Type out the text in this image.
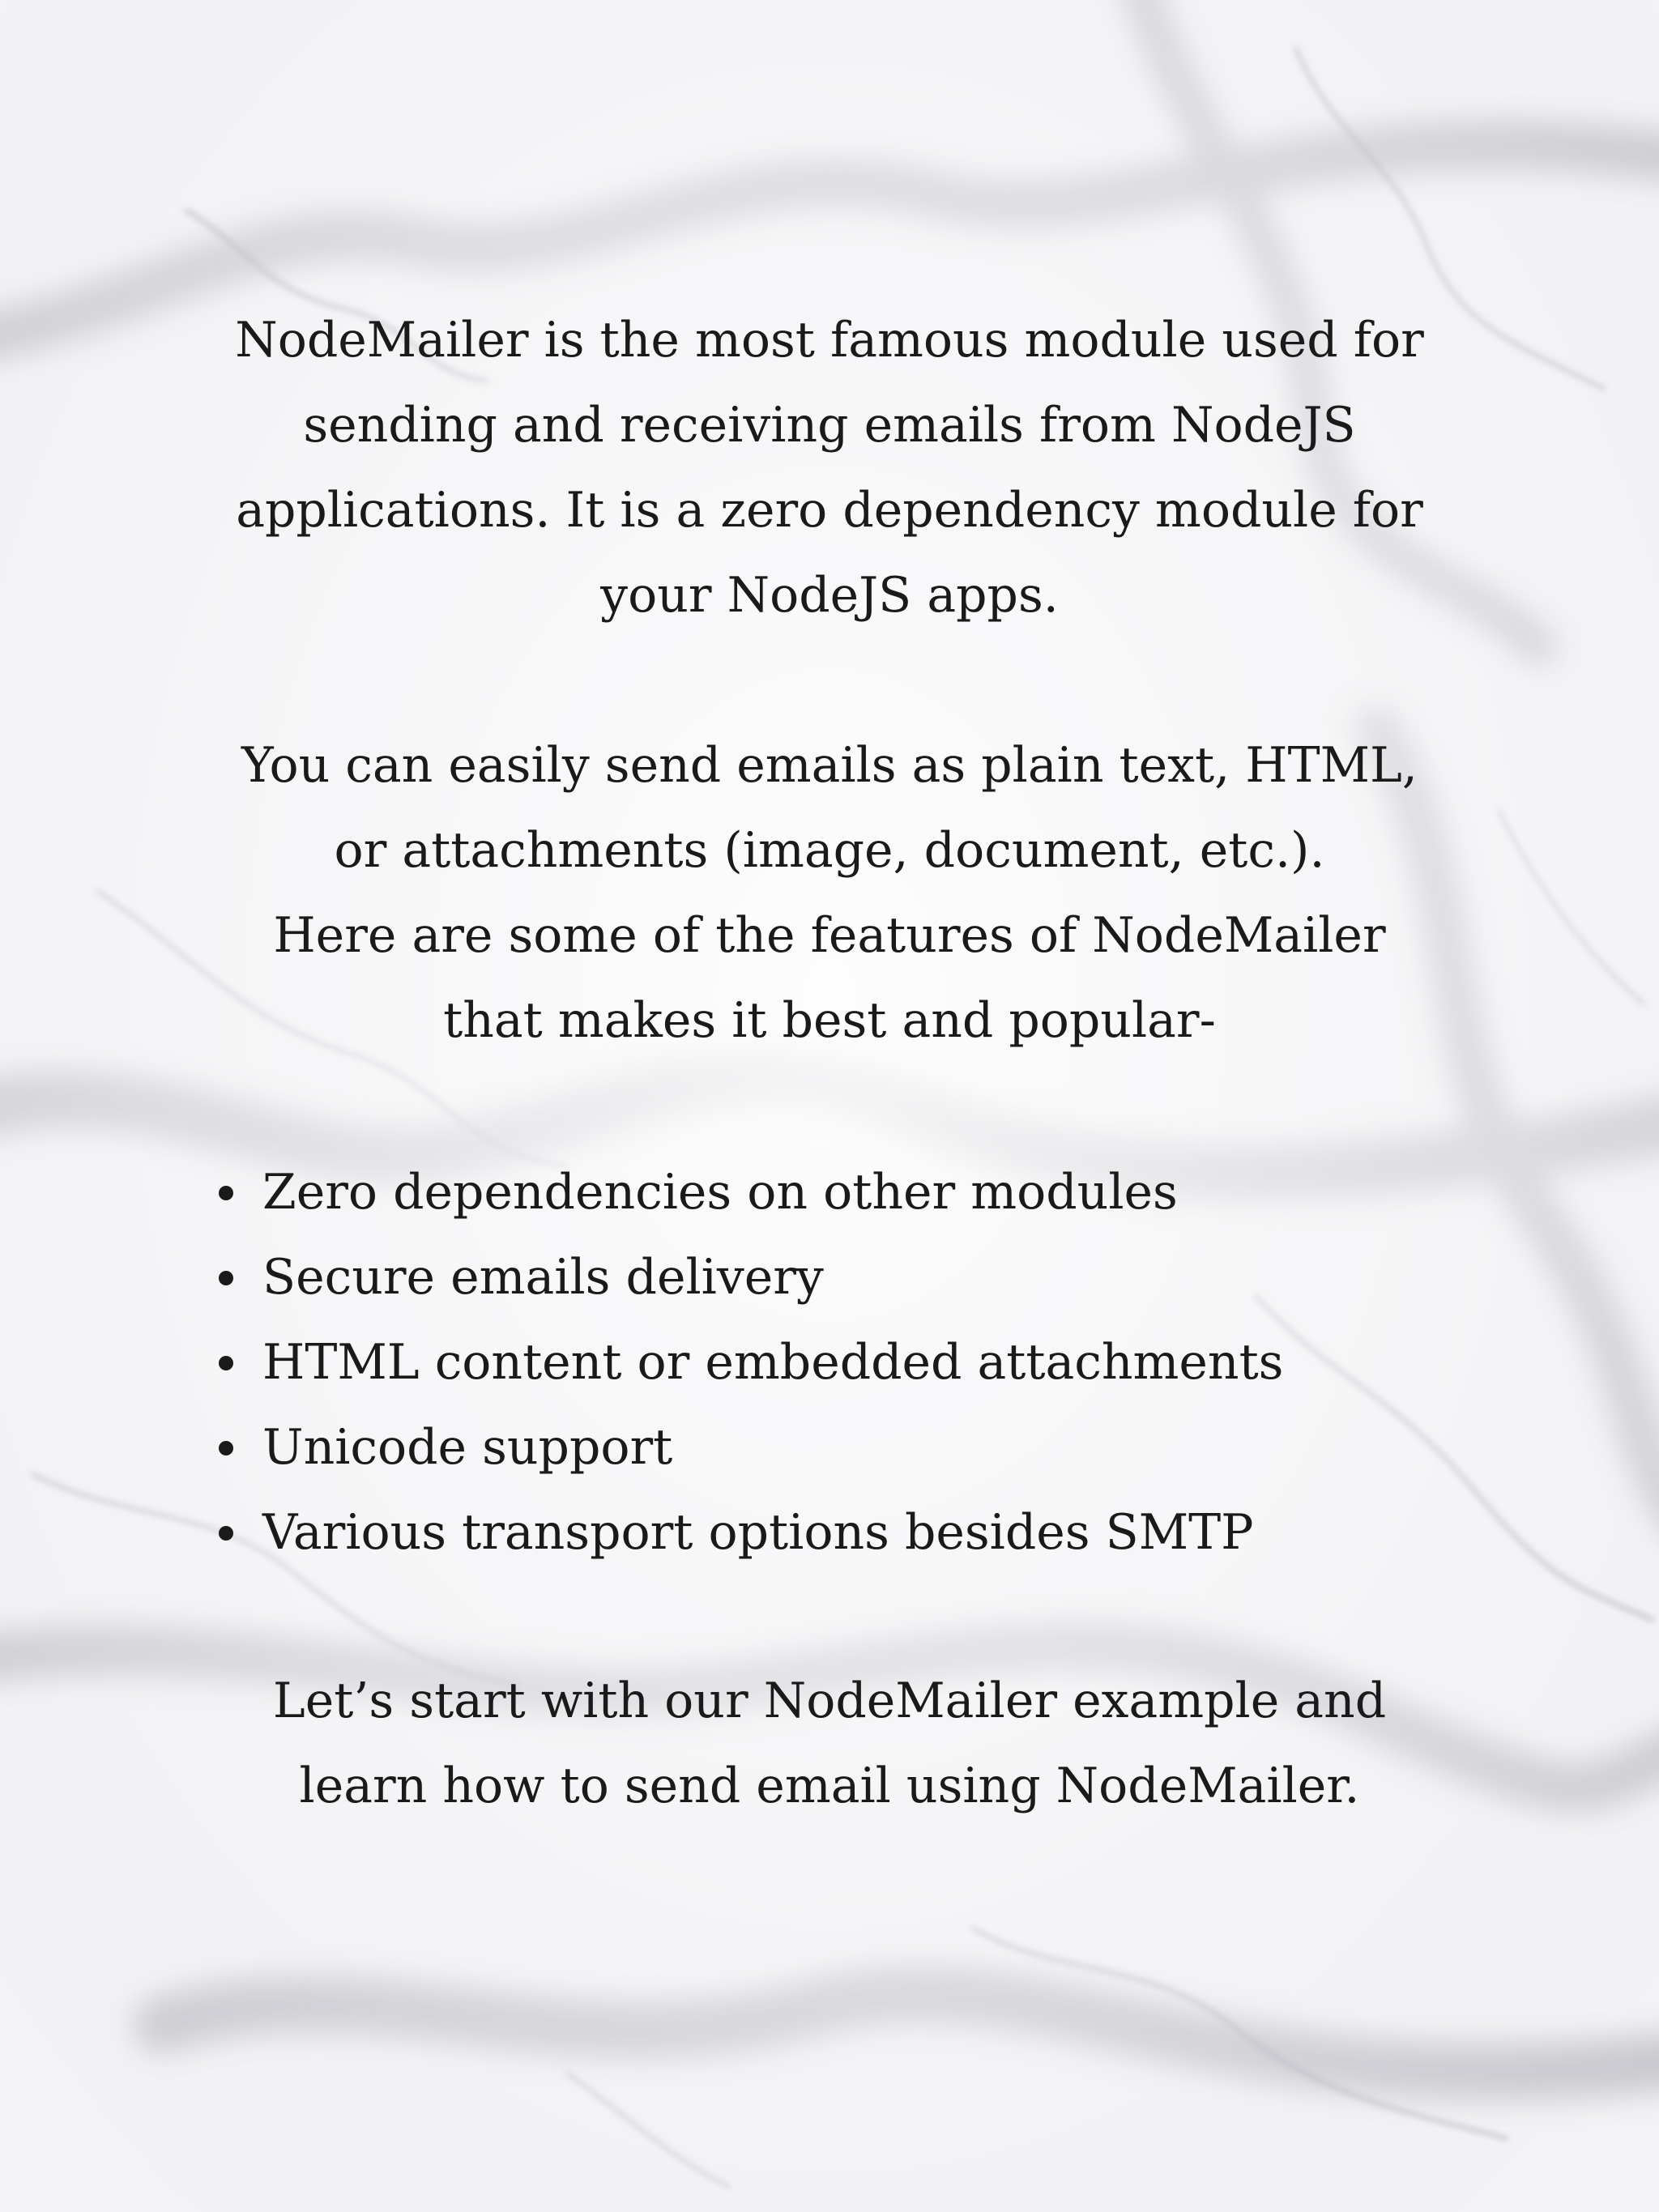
NodeMailer is the most famous module used for
sending and receiving emails from NodeJS
applications. It is a zero dependency module for
your NodeJS apps.

You can easily send emails as plain text, HTML,
or attachments (image, document, etc.).
Here are some of the features of NodeMailer
that makes it best and popular-

Zero dependencies on other modules
Secure emails delivery
HTML content or embedded attachments
Unicode support
Various transport options besides SMTP

Let’s start with our NodeMailer example and
learn how to send email using NodeMailer.
